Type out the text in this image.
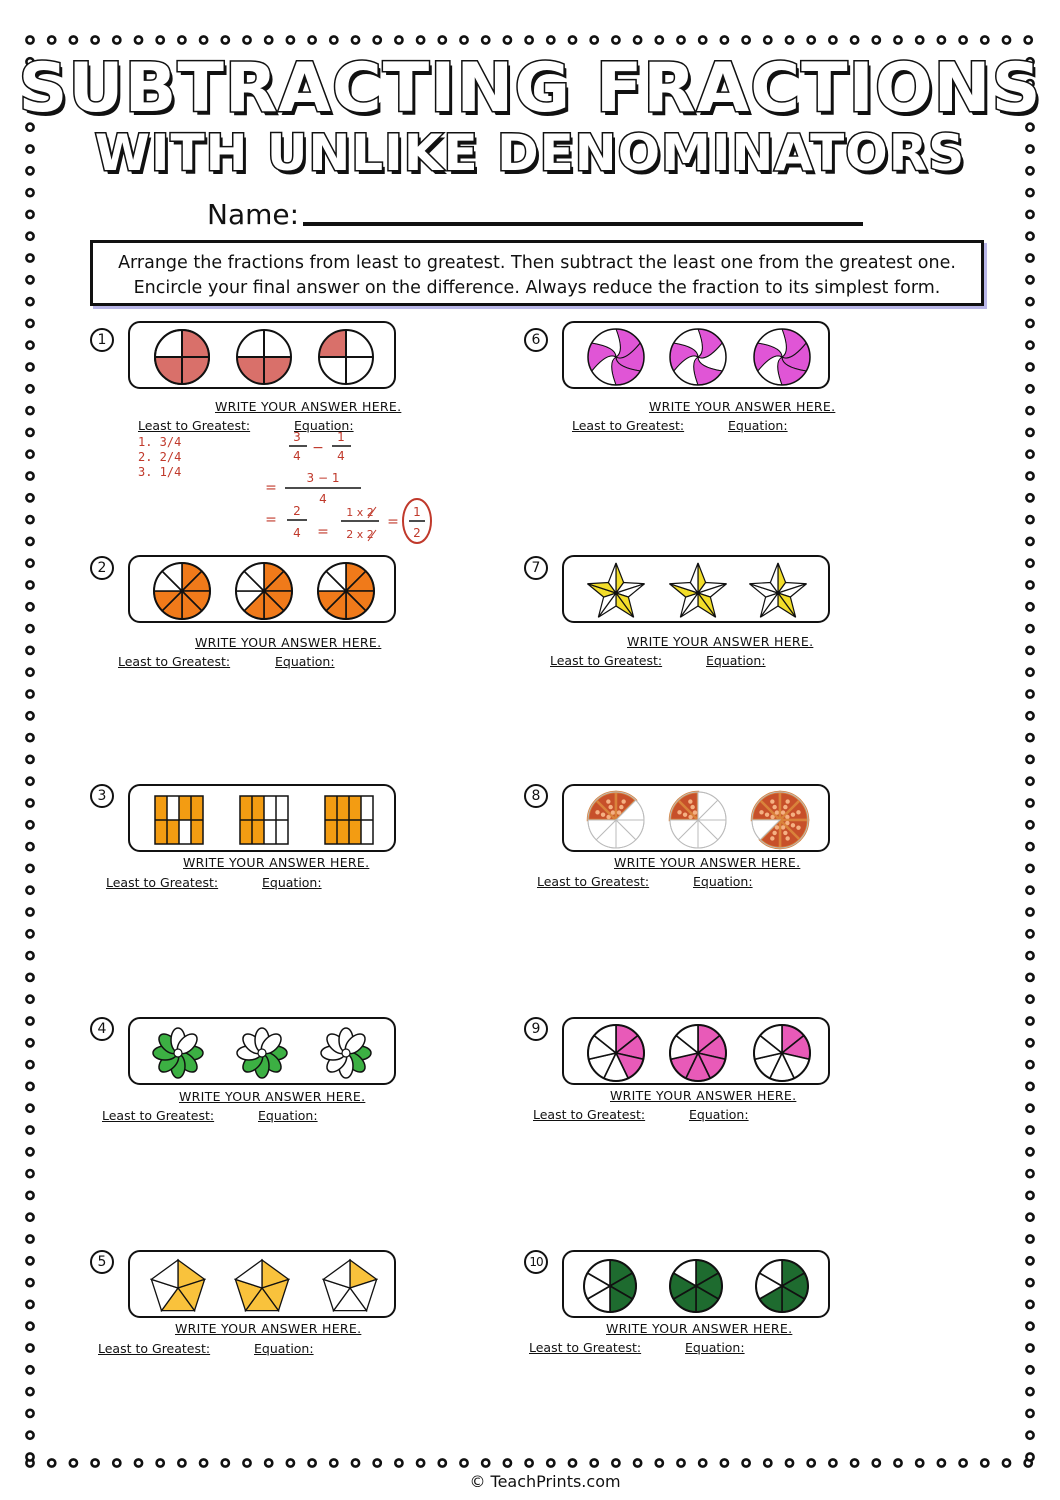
SUBTRACTING FRACTIONS
WITH UNLIKE DENOMINATORS
Name:
Arrange the fractions from least to greatest. Then subtract the least one from the greatest one.
Encircle your final answer on the difference. Always reduce the fraction to its simplest form.
1
WRITE YOUR ANSWER HERE.
Least to Greatest:	Equation:
1. 3/4
2. 2/4
3. 1/4
3
4 −
1
4
=
3 − 1
4
=
2
4 =
1 x 2
2 x 2
=
1
2
2
WRITE YOUR ANSWER HERE.
Least to Greatest:	Equation:
3
WRITE YOUR ANSWER HERE.
Least to Greatest:	Equation:
4
WRITE YOUR ANSWER HERE.
Least to Greatest:	Equation:
5
WRITE YOUR ANSWER HERE.
Least to Greatest:	Equation:
6
WRITE YOUR ANSWER HERE.
Least to Greatest:	Equation:
7
WRITE YOUR ANSWER HERE.
Least to Greatest:	Equation:
8
WRITE YOUR ANSWER HERE.
Least to Greatest:	Equation:
9
WRITE YOUR ANSWER HERE.
Least to Greatest:	Equation:
10
WRITE YOUR ANSWER HERE.
Least to Greatest:	Equation:
© TeachPrints.com
